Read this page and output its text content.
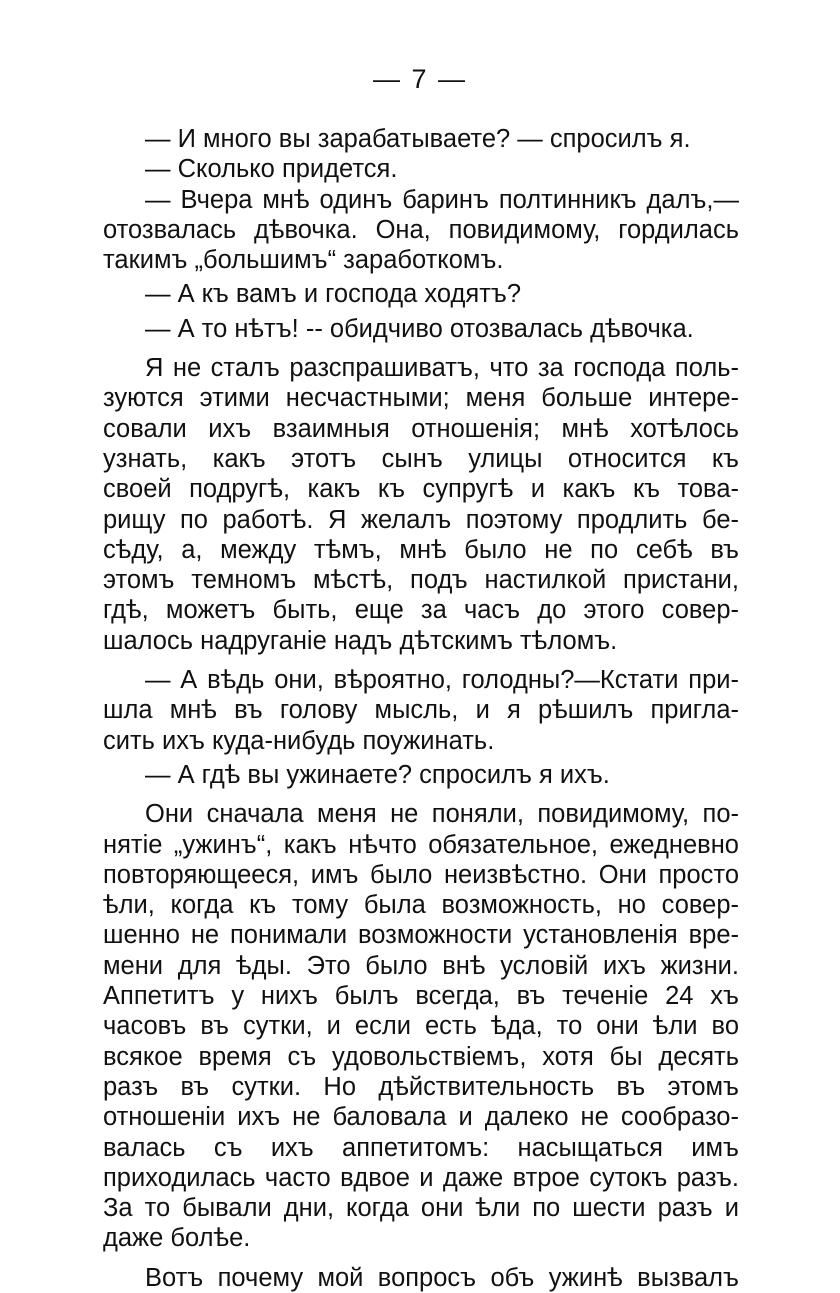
— 7 —
— И много вы зарабатываете? — спросилъ я.
— Сколько придется.
— Вчера мнѣ одинъ баринъ полтинникъ далъ,—
отозвалась дѣвочка. Она, повидимому, гордилась
такимъ „большимъ“ заработкомъ.
— А къ вамъ и господа ходятъ?
— А то нѣтъ! -- обидчиво отозвалась дѣвочка.
Я не сталъ разспрашиватъ, что за господа поль-
зуются этими несчастными; меня больше интере-
совали ихъ взаимныя отношенія; мнѣ хотѣлось
узнать, какъ этотъ сынъ улицы относится къ
своей подругѣ, какъ къ супругѣ и какъ къ това-
рищу по работѣ. Я желалъ поэтому продлить бе-
сѣду, а, между тѣмъ, мнѣ было не по себѣ въ
этомъ темномъ мѣстѣ, подъ настилкой пристани,
гдѣ, можетъ быть, еще за часъ до этого совер-
шалось надруганіе надъ дѣтскимъ тѣломъ.
— А вѣдь они, вѣроятно, голодны?—Кстати при-
шла мнѣ въ голову мысль, и я рѣшилъ пригла-
сить ихъ куда-нибудь поужинать.
— А гдѣ вы ужинаете? спросилъ я ихъ.
Они сначала меня не поняли, повидимому, по-
нятіе „ужинъ“, какъ нѣчто обязательное, ежедневно
повторяющееся, имъ было неизвѣстно. Они просто
ѣли, когда къ тому была возможность, но совер-
шенно не понимали возможности установленія вре-
мени для ѣды. Это было внѣ условій ихъ жизни.
Аппетитъ у нихъ былъ всегда, въ теченіе 24 хъ
часовъ въ сутки, и если есть ѣда, то они ѣли во
всякое время съ удовольствіемъ, хотя бы десять
разъ въ сутки. Но дѣйствительность въ этомъ
отношеніи ихъ не баловала и далеко не сообразо-
валась съ ихъ аппетитомъ: насыщаться имъ
приходилась часто вдвое и даже втрое сутокъ разъ.
За то бывали дни, когда они ѣли по шести разъ и
даже болѣе.
Вотъ почему мой вопросъ объ ужинѣ вызвалъ
